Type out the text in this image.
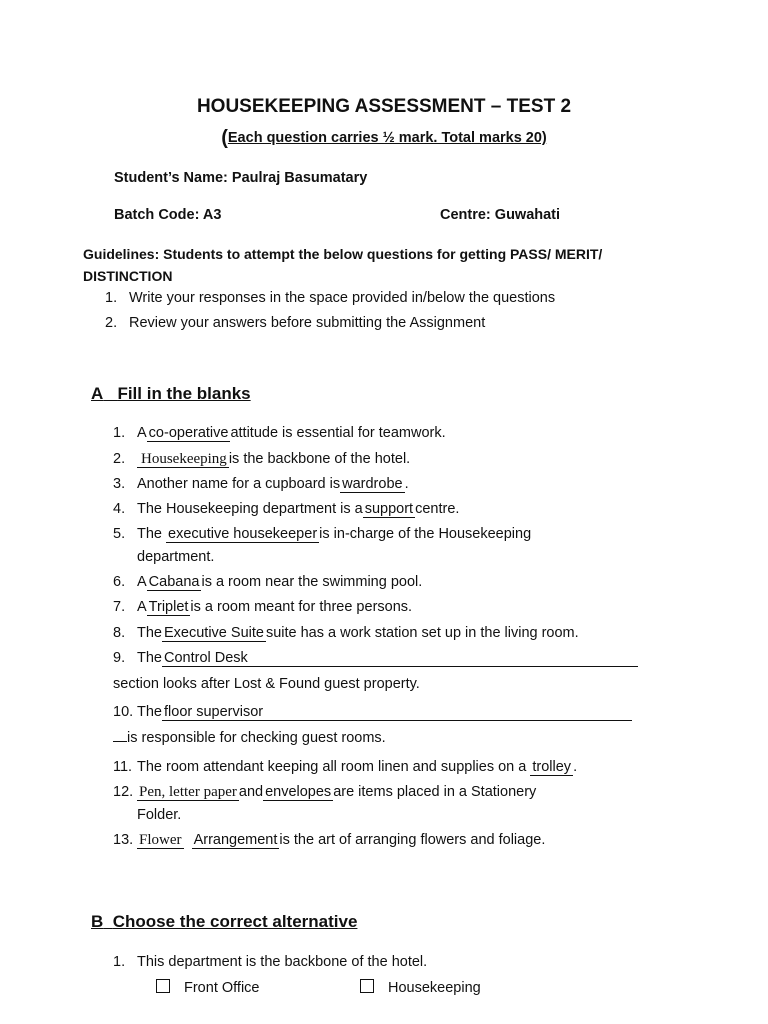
HOUSEKEEPING ASSESSMENT – TEST 2
(Each question carries ½ mark. Total marks 20)
Student’s Name: Paulraj Basumatary
Batch Code: A3	Centre: Guwahati
Guidelines: Students to attempt the below questions for getting PASS/ MERIT/
DISTINCTION
1. Write your responses in the space provided in/below the questions
2. Review your answers before submitting the Assignment
A Fill in the blanks
1. A co-operativeattitude is essential for teamwork.
2. Housekeepingis the backbone of the hotel.
3. Another name for a cupboard is wardrobe.
4. The Housekeeping department is asupportcentre.
5. The executive housekeeperis in-charge of the Housekeeping
department.
6. A Cabanais a room near the swimming pool.
7. A Tripletis a room meant for three persons.
8. The Executive Suitesuite has a work station set up in the living room.
9. The Control Desk
section looks after Lost & Found guest property.
10. The floor supervisor
is responsible for checking guest rooms.
11. The room attendant keeping all room linen and supplies on a trolley.
12.Pen, letter paperand envelopesare items placed in a Stationery
Folder.
13.Flower  Arrangementis the art of arranging flowers and foliage.
B Choose the correct alternative
1. This department is the backbone of the hotel.
Front Office	Housekeeping
